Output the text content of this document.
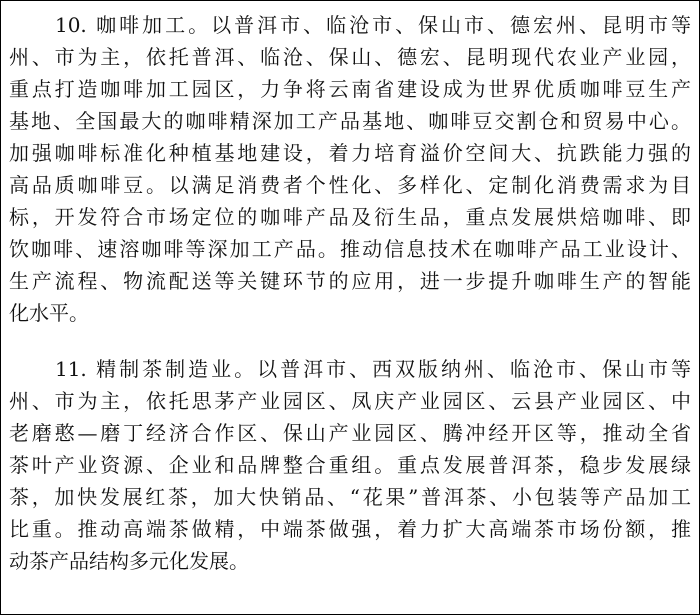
　　10. 咖啡加工。以普洱市、临沧市、保山市、德宏州、昆明市等
州、市为主，依托普洱、临沧、保山、德宏、昆明现代农业产业园，
重点打造咖啡加工园区，力争将云南省建设成为世界优质咖啡豆生产
基地、全国最大的咖啡精深加工产品基地、咖啡豆交割仓和贸易中心。
加强咖啡标准化种植基地建设，着力培育溢价空间大、抗跌能力强的
高品质咖啡豆。以满足消费者个性化、多样化、定制化消费需求为目
标，开发符合市场定位的咖啡产品及衍生品，重点发展烘焙咖啡、即
饮咖啡、速溶咖啡等深加工产品。推动信息技术在咖啡产品工业设计、
生产流程、物流配送等关键环节的应用，进一步提升咖啡生产的智能
化水平。
　　11. 精制茶制造业。以普洱市、西双版纳州、临沧市、保山市等
州、市为主，依托思茅产业园区、凤庆产业园区、云县产业园区、中
老磨憨—磨丁经济合作区、保山产业园区、腾冲经开区等，推动全省
茶叶产业资源、企业和品牌整合重组。重点发展普洱茶，稳步发展绿
茶，加快发展红茶，加大快销品、“花果”普洱茶、小包装等产品加工
比重。推动高端茶做精，中端茶做强，着力扩大高端茶市场份额，推
动茶产品结构多元化发展。
